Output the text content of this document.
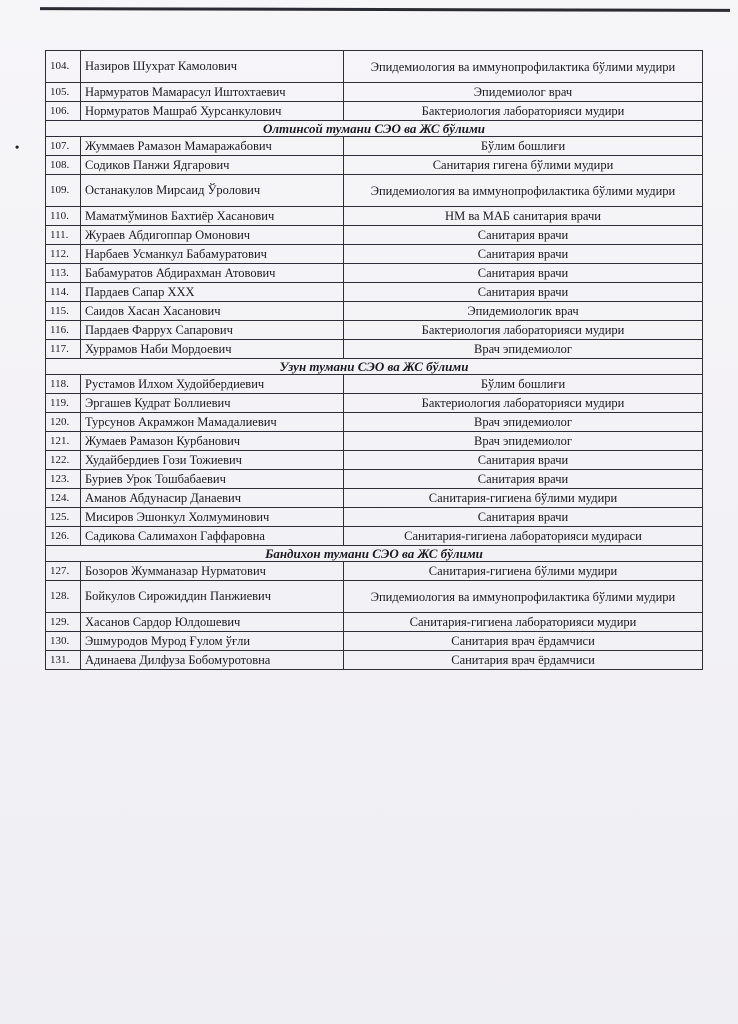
•
104.	Назиров Шухрат Камолович	Эпидемиология ва иммунопрофилактика бўлими мудири
105.	Нармуратов Мамарасул Иштохтаевич	Эпидемиолог врач
106.	Нормуратов Машраб Хурсанкулович	Бактериология лабораторияси мудири
Олтинсой тумани СЭО ва ЖС бўлими		
107.	Жуммаев Рамазон Мамаражабович	Бўлим бошлиғи
108.	Содиков Панжи Ядгарович	Санитария гигена бўлими мудири
109.	Останакулов Мирсаид Ўролович	Эпидемиология ва иммунопрофилактика бўлими мудири
110.	Маматмўминов Бахтиёр Хасанович	НМ ва МАБ санитария врачи
111.	Жураев Абдигоппар Омонович	Санитария врачи
112.	Нарбаев Усманкул Бабамуратович	Санитария врачи
113.	Бабамуратов Абдирахман Атовович	Санитария врачи
114.	Пардаев Сапар XXX	Санитария врачи
115.	Саидов Хасан Хасанович	Эпидемиологик врач
116.	Пардаев Фаррух Сапарович	Бактериология лабораторияси мудири
117.	Хуррамов Наби Мордоевич	Врач эпидемиолог
Узун тумани СЭО ва ЖС бўлими		
118.	Рустамов Илхом Худойбердиевич	Бўлим бошлиғи
119.	Эргашев Кудрат Боллиевич	Бактериология лабораторияси мудири
120.	Турсунов Акрамжон Мамадалиевич	Врач эпидемиолог
121.	Жумаев Рамазон Курбанович	Врач эпидемиолог
122.	Худайбердиев Гози Тожиевич	Санитария врачи
123.	Буриев Урок Тошбабаевич	Санитария врачи
124.	Аманов Абдунасир Данаевич	Санитария-гигиена бўлими мудири
125.	Мисиров Эшонкул Холмуминович	Санитария врачи
126.	Садикова Салимахон Гаффаровна	Санитария-гигиена лабораторияси мудираси
Бандихон тумани СЭО ва ЖС бўлими		
127.	Бозоров Жумманазар Нурматович	Санитария-гигиена бўлими мудири
128.	Бойкулов Сирожиддин Панжиевич	Эпидемиология ва иммунопрофилактика бўлими мудири
129.	Хасанов Сардор Юлдошевич	Санитария-гигиена лабораторияси мудири
130.	Эшмуродов Мурод Ғулом ўғли	Санитария врач ёрдамчиси
131.	Адинаева Дилфуза Бобомуротовна	Санитария врач ёрдамчиси
